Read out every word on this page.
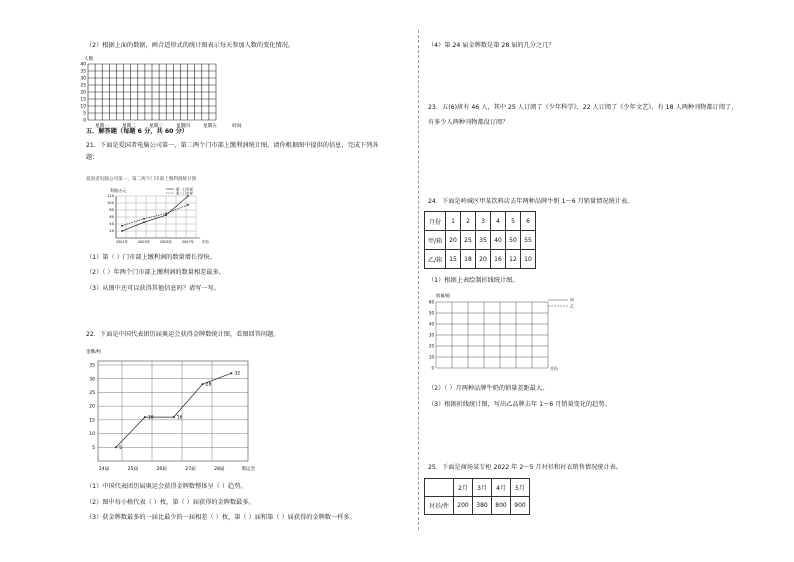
（2）根据上面的数据，画合适形式的统计图表示每天参加人数的变化情况。
人数
40
35
30
25
20
15
10
5
0
星期一	星期二	星期三	星期四	星期五	时间
五．解答题（每题 6 分，共 60 分）
21．下面是爱国者电脑公司第一、第二两个门市部上缴利润统计图，请你根据图中提供的信息，完成下列各
题：
爱国者电脑公司第一、第二两个门市部上缴利润统计图
利润/万元
120
100
80
60
40
20
2001年	2003年	2005年	2007年 年份
第一门市部
第二门市部
（1）第（ ）门市部上缴利润的数量增长得快。
（2）（ ）年两个门市部上缴利润的数量相差最多。
（3）从图中还可以获得其他信息吗？请写一写。
22．下面是中国代表团历届奥运会获得金牌数统计图，看图回答问题。
金牌/枚
35
30
25
20
15
10
5
24届	25届	26届	27届	28届	奥运会
5
16	16
28
32
（1）中国代表团历届奥运会获得金牌数整体呈（ ）趋势。
（2）图中每小格代表（ ）枚，第（ ）届获得的金牌数最多。
（3）获金牌数最多的一届比最少的一届相差（ ）枚，第（ ）届和第（ ）届获得的金牌数一样多。
（4）第 24 届金牌数是第 28 届的几分之几？
23．五(6)班有 46 人，其中 25 人订阅了《少年科学》，22 人订阅了《少年文艺》，有 18 人两种刊物都订阅了，
有多少人两种刊物都没订阅？
24．下面是岭城区甲某饮料店去年两种品牌牛奶 1～6 月销量情况统计表。
月份	1	2	3	4	5	6
甲/箱	20	25	35	40	50	55
乙/箱	15	18	20	16	12	10
（1）根据上表绘制折线统计图。
销量/箱
60
50
40
30
20
10
0	月份
甲
乙
（2）（ ）月两种品牌牛奶的销量差距最大。
（3）根据折线统计图，写出乙品牌去年 1～6 月销量变化的趋势。
25．下面是商场某专柜 2022 年 2～5 月衬衫和衬衣销售情况统计表。
	2月	3月	4月	5月
衬衫/件	200	380	800	900
